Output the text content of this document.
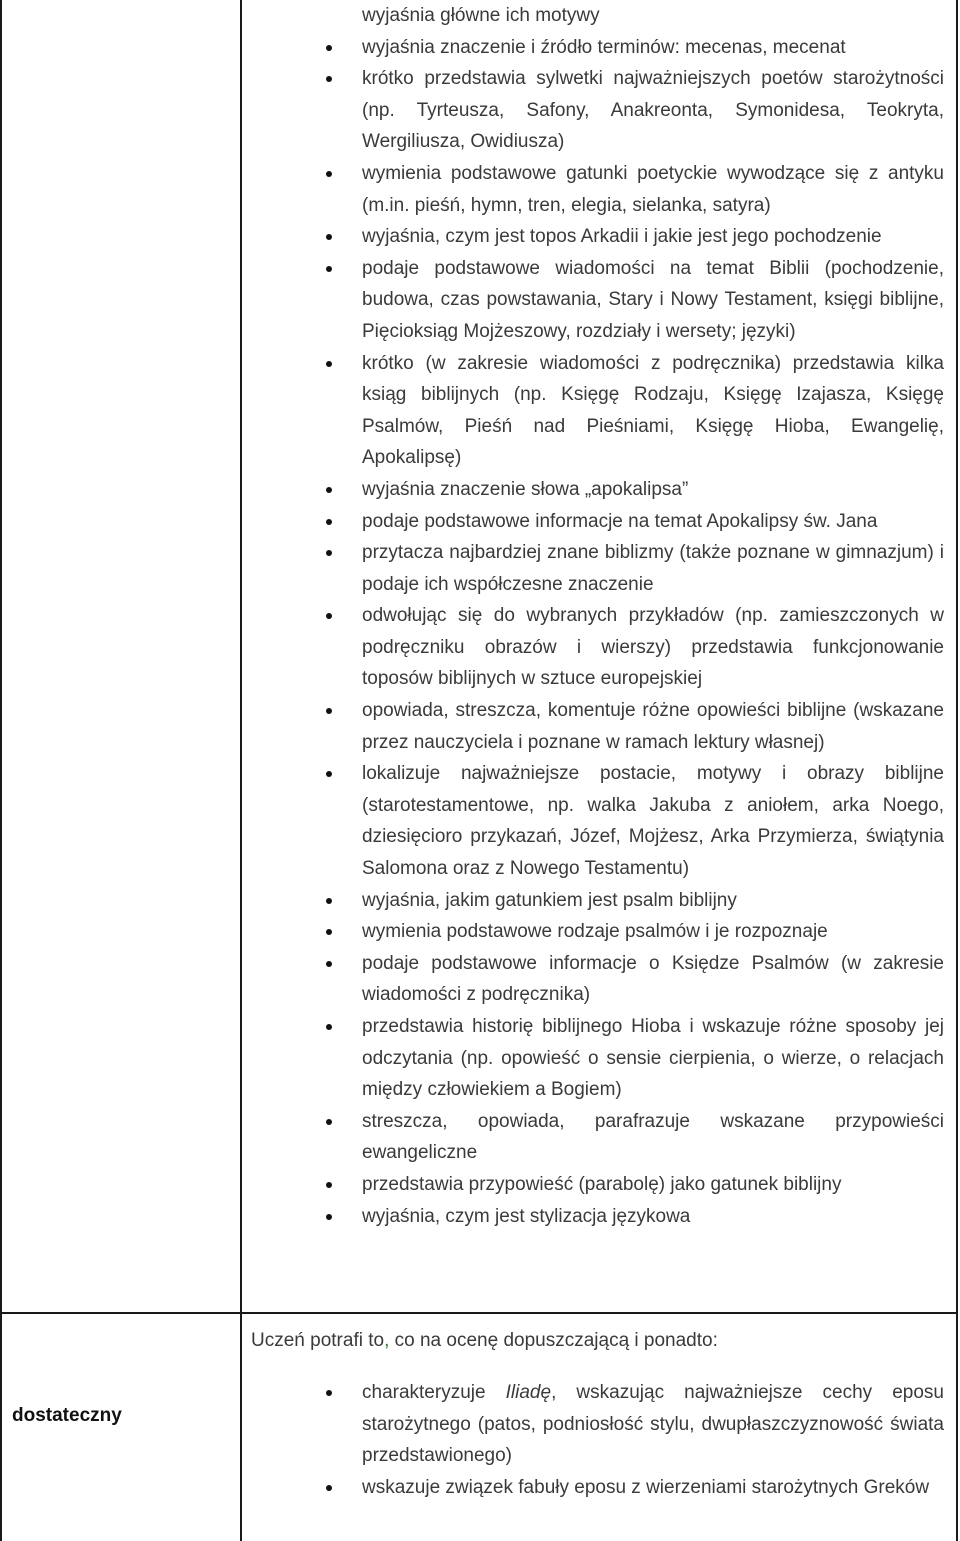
wyjaśnia główne ich motywy
wyjaśnia znaczenie i źródło terminów: mecenas, mecenat
krótko przedstawia sylwetki najważniejszych poetów starożytności (np. Tyrteusza, Safony, Anakreonta, Symonidesa, Teokryta, Wergiliusza, Owidiusza)
wymienia podstawowe gatunki poetyckie wywodzące się z antyku (m.in. pieśń, hymn, tren, elegia, sielanka, satyra)
wyjaśnia, czym jest topos Arkadii i jakie jest jego pochodzenie
podaje podstawowe wiadomości na temat Biblii (pochodzenie, budowa, czas powstawania, Stary i Nowy Testament, księgi biblijne, Pięcioksiąg Mojżeszowy, rozdziały i wersety; języki)
krótko (w zakresie wiadomości z podręcznika) przedstawia kilka ksiąg biblijnych (np. Księgę Rodzaju, Księgę Izajasza, Księgę Psalmów, Pieśń nad Pieśniami, Księgę Hioba, Ewangelię, Apokalipsę)
wyjaśnia znaczenie słowa „apokalipsa”
podaje podstawowe informacje na temat Apokalipsy św. Jana
przytacza najbardziej znane biblizmy (także poznane w gimnazjum) i podaje ich współczesne znaczenie
odwołując się do wybranych przykładów (np. zamieszczonych w podręczniku obrazów i wierszy) przedstawia funkcjonowanie toposów biblijnych w sztuce europejskiej
opowiada, streszcza, komentuje różne opowieści biblijne (wskazane przez nauczyciela i poznane w ramach lektury własnej)
lokalizuje najważniejsze postacie, motywy i obrazy biblijne (starotestamentowe, np. walka Jakuba z aniołem, arka Noego, dziesięcioro przykazań, Józef, Mojżesz, Arka Przymierza, świątynia Salomona oraz z Nowego Testamentu)
wyjaśnia, jakim gatunkiem jest psalm biblijny
wymienia podstawowe rodzaje psalmów i je rozpoznaje
podaje podstawowe informacje o Księdze Psalmów (w zakresie wiadomości z podręcznika)
przedstawia historię biblijnego Hioba i wskazuje różne sposoby jej odczytania (np. opowieść o sensie cierpienia, o wierze, o relacjach między człowiekiem a Bogiem)
streszcza, opowiada, parafrazuje wskazane przypowieści ewangeliczne
przedstawia przypowieść (parabolę) jako gatunek biblijny
wyjaśnia, czym jest stylizacja językowa
dostateczny
Uczeń potrafi to, co na ocenę dopuszczającą i ponadto:
charakteryzuje Iliadę, wskazując najważniejsze cechy eposu starożytnego (patos, podniosłość stylu, dwupłaszczyznowość świata przedstawionego)
wskazuje związek fabuły eposu z wierzeniami starożytnych Greków
